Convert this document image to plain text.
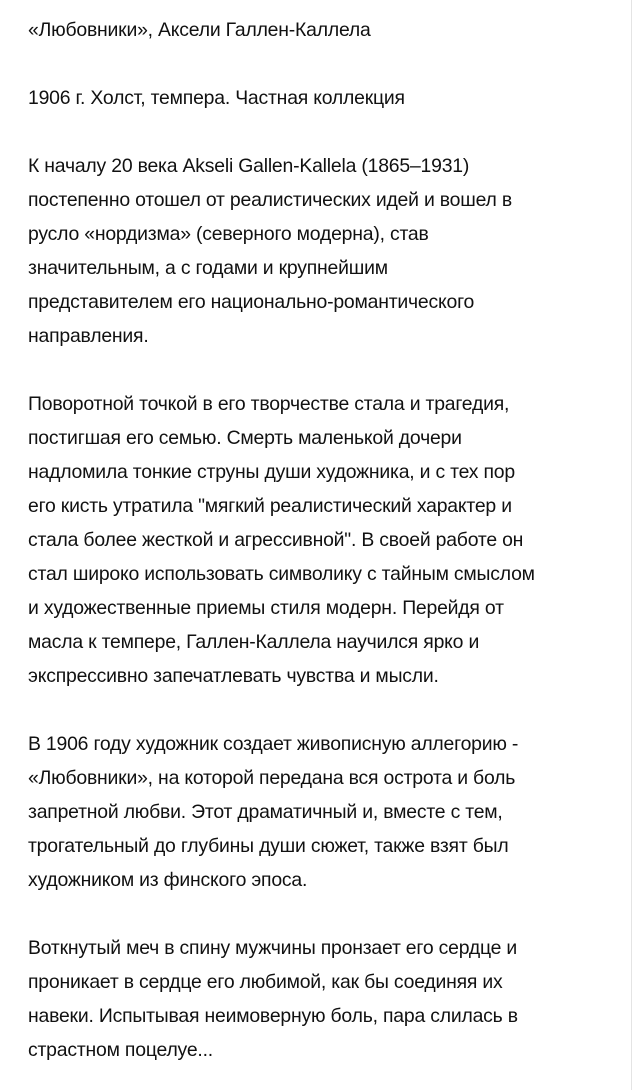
«Любовники», Аксели Галлен-Каллела

1906 г. Холст, темпера. Частная коллекция

К началу 20 века Akseli Gallen-Kallela (1865–1931)
постепенно отошел от реалистических идей и вошел в
русло «нордизма» (северного модерна), став
значительным, а с годами и крупнейшим
представителем его национально-романтического
направления.

Поворотной точкой в его творчестве стала и трагедия,
постигшая его семью. Смерть маленькой дочери
надломила тонкие струны души художника, и с тех пор
его кисть утратила "мягкий реалистический характер и
стала более жесткой и агрессивной". В своей работе он
стал широко использовать символику с тайным смыслом
и художественные приемы стиля модерн. Перейдя от
масла к темпере, Галлен-Каллела научился ярко и
экспрессивно запечатлевать чувства и мысли.

В 1906 году художник создает живописную аллегорию -
«Любовники», на которой передана вся острота и боль
запретной любви. Этот драматичный и, вместе с тем,
трогательный до глубины души сюжет, также взят был
художником из финского эпоса.

Воткнутый меч в спину мужчины пронзает его сердце и
проникает в сердце его любимой, как бы соединяя их
навеки. Испытывая неимоверную боль, пара слилась в
страстном поцелуе...
